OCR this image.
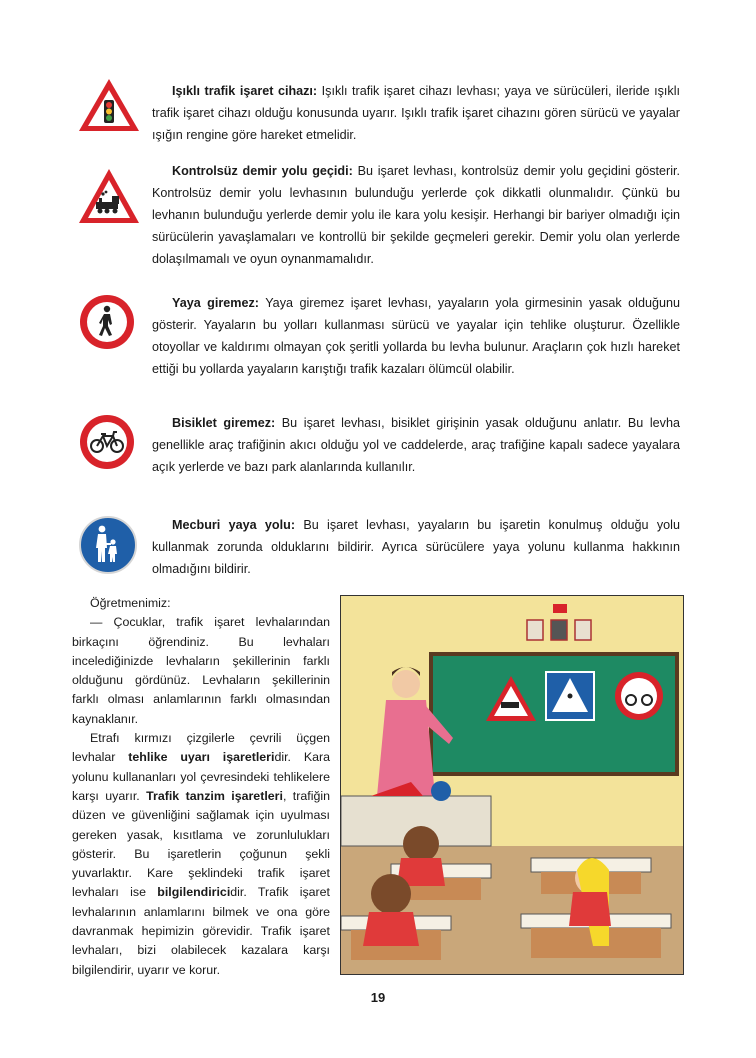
Işıklı trafik işaret cihazı: Işıklı trafik işaret cihazı levhası; yaya ve sürücüleri, ileride ışıklı trafik işaret cihazı olduğu konusunda uyarır. Işıklı trafik işaret cihazını gören sürücü ve yayalar ışığın rengine göre hareket etmelidir.
Kontrolsüz demir yolu geçidi: Bu işaret levhası, kontrolsüz demir yolu geçidini gösterir. Kontrolsüz demir yolu levhasının bulunduğu yerlerde çok dikkatli olunmalıdır. Çünkü bu levhanın bulunduğu yerlerde demir yolu ile kara yolu kesişir. Herhangi bir bariyer olmadığı için sürücülerin yavaşlamaları ve kontrollü bir şekilde geçmeleri gerekir. Demir yolu olan yerlerde dolaşılmamalı ve oyun oynanmamalıdır.
Yaya giremez: Yaya giremez işaret levhası, yayaların yola girmesinin yasak olduğunu gösterir. Yayaların bu yolları kullanması sürücü ve yayalar için tehlike oluşturur. Özellikle otoyollar ve kaldırımı olmayan çok şeritli yollarda bu levha bulunur. Araçların çok hızlı hareket ettiği bu yollarda yayaların karıştığı trafik kazaları ölümcül olabilir.
Bisiklet giremez: Bu işaret levhası, bisiklet girişinin yasak olduğunu anlatır. Bu levha genellikle araç trafiğinin akıcı olduğu yol ve caddelerde, araç trafiğine kapalı sadece yayalara açık yerlerde ve bazı park alanlarında kullanılır.
Mecburi yaya yolu: Bu işaret levhası, yayaların bu işaretin konulmuş olduğu yolu kullanmak zorunda olduklarını bildirir. Ayrıca sürücülere yaya yolunu kullanma hakkının olmadığını bildirir.

Öğretmenimiz:

— Çocuklar, trafik işaret levhalarından birkaçını öğrendiniz. Bu levhaları incelediğinizde levhaların şekillerinin farklı olduğunu gördünüz. Levhaların şekillerinin farklı olması anlamlarının farklı olmasından kaynaklanır.

Etrafı kırmızı çizgilerle çevrili üçgen levhalar tehlike uyarı işaretleridir. Kara yolunu kullananları yol çevresindeki tehlikelere karşı uyarır. Trafik tanzim işaretleri, trafiğin düzen ve güvenliğini sağlamak için uyulması gereken yasak, kısıtlama ve zorunlulukları gösterir. Bu işaretlerin çoğunun şekli yuvarlaktır. Kare şeklindeki trafik işaret levhaları ise bilgilendiricidir. Trafik işaret levhalarının anlamlarını bilmek ve ona göre davranmak hepimizin görevidir. Trafik işaret levhaları, bizi olabilecek kazalara karşı bilgilendirir, uyarır ve korur.

19
